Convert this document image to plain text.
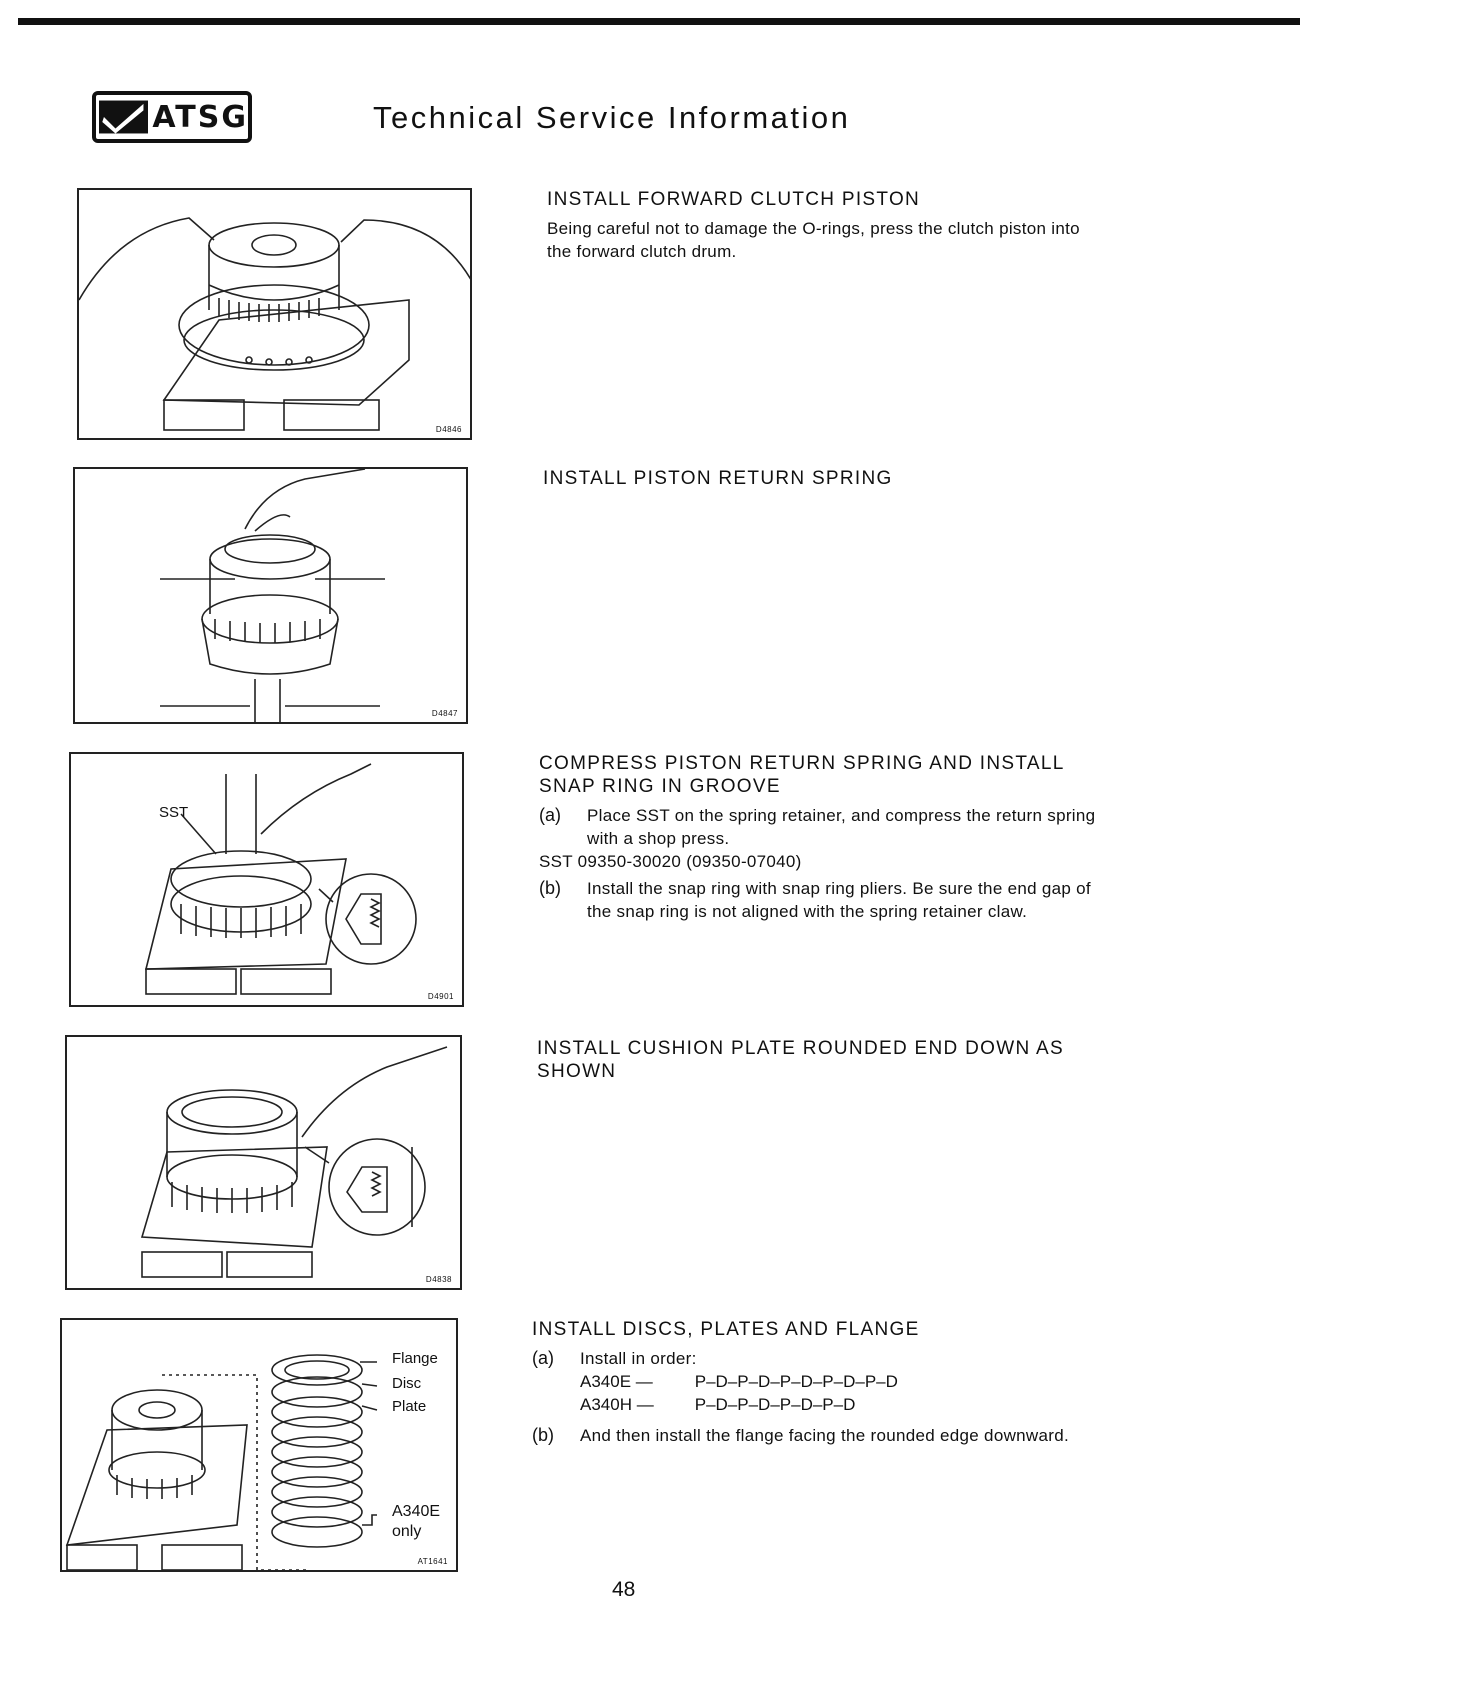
ATSG	Technical Service Information
D4846
D4847
SST
D4901
D4838
Flange
Disc
Plate
A340E
only
AT1641
INSTALL FORWARD CLUTCH PISTON

Being careful not to damage the O-rings, press the clutch piston into the forward clutch drum.

INSTALL PISTON RETURN SPRING
COMPRESS PISTON RETURN SPRING AND INSTALL SNAP RING IN GROOVE
(a)	Place SST on the spring retainer, and compress the return spring with a shop press.

SST 09350-30020 (09350-07040)

(b)	Install the snap ring with snap ring pliers. Be sure the end gap of the snap ring is not aligned with the spring retainer claw.

INSTALL CUSHION PLATE ROUNDED END DOWN AS SHOWN
INSTALL DISCS, PLATES AND FLANGE
(a)	Install in order:

A340E — P–D–P–D–P–D–P–D–P–D
A340H — P–D–P–D–P–D–P–D
(b)	And then install the flange facing the rounded edge downward.

48
